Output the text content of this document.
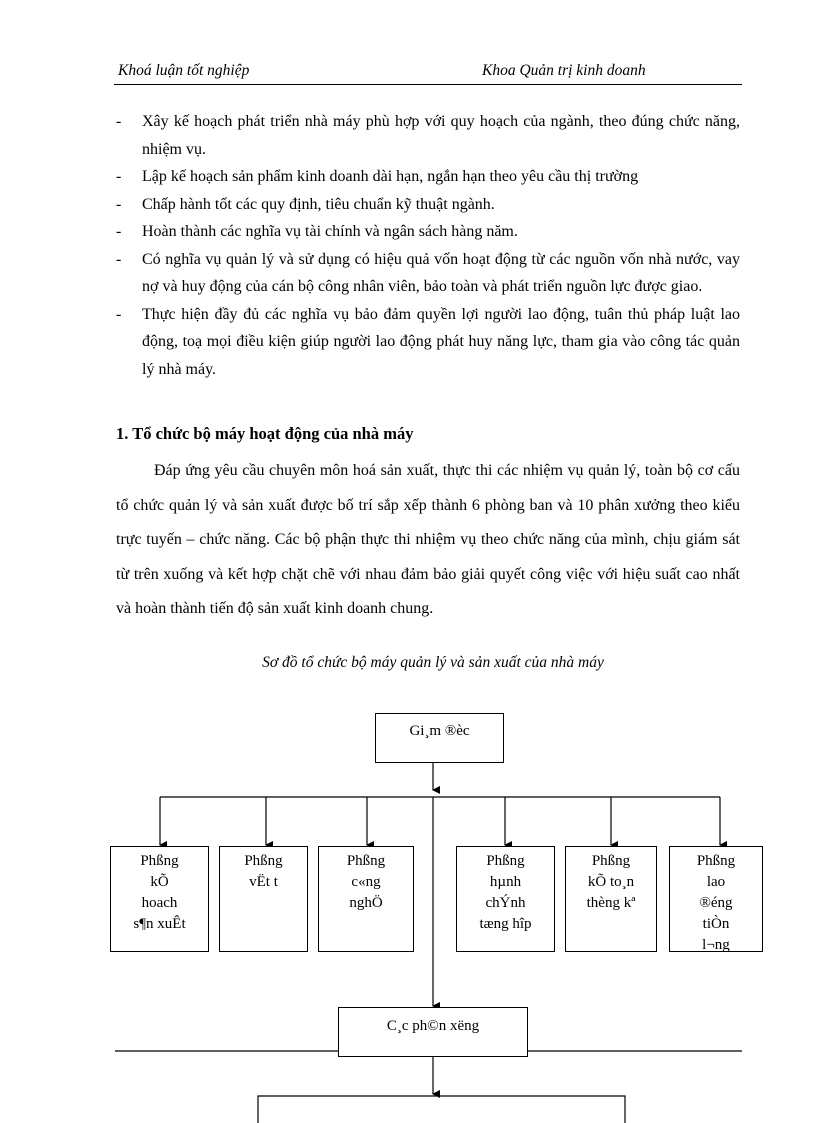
Khoá luận tốt nghiệp	Khoa Quản trị kinh doanh
- Xây kế hoạch phát triển nhà máy phù hợp với quy hoạch của ngành, theo đúng chức năng, nhiệm vụ.
- Lập kế hoạch sản phẩm kinh doanh dài hạn, ngắn hạn theo yêu cầu thị trường
- Chấp hành tốt các quy định, tiêu chuẩn kỹ thuật ngành.
- Hoàn thành các nghĩa vụ tài chính và ngân sách hàng năm.
- Có nghĩa vụ quản lý và sử dụng có hiệu quả vốn hoạt động từ các nguồn vốn nhà nước, vay nợ và huy động của cán bộ công nhân viên, bảo toàn và phát triển nguồn lực được giao.
- Thực hiện đầy đủ các nghĩa vụ bảo đảm quyền lợi người lao động, tuân thủ pháp luật lao động, toạ mọi điều kiện giúp người lao động phát huy năng lực, tham gia vào công tác quản lý nhà máy.
1. Tổ chức bộ máy hoạt động của nhà máy

Đáp ứng yêu cầu chuyên môn hoá sản xuất, thực thi các nhiệm vụ quản lý, toàn bộ cơ cấu tổ chức quản lý và sản xuất được bố trí sắp xếp thành 6 phòng ban và 10 phân xưởng theo kiểu trực tuyến – chức năng. Các bộ phận thực thi nhiệm vụ theo chức năng của mình, chịu giám sát từ trên xuống và kết hợp chặt chẽ với nhau đảm bảo giải quyết công việc với hiệu suất cao nhất và hoàn thành tiến độ sản xuất kinh doanh chung.

Sơ đồ tổ chức bộ máy quản lý và sản xuất của nhà máy
Gi¸m ®èc
Phßng
kÕ
hoach
s¶n xuÊt
Phßng
vËt t
Phßng
c«ng
nghÖ
Phßng
hµnh
chÝnh
tæng hîp
Phßng
kÕ to¸n
thèng kª
Phßng
lao
®éng
tiÒn
l¬ng
C¸c ph©n xëng
